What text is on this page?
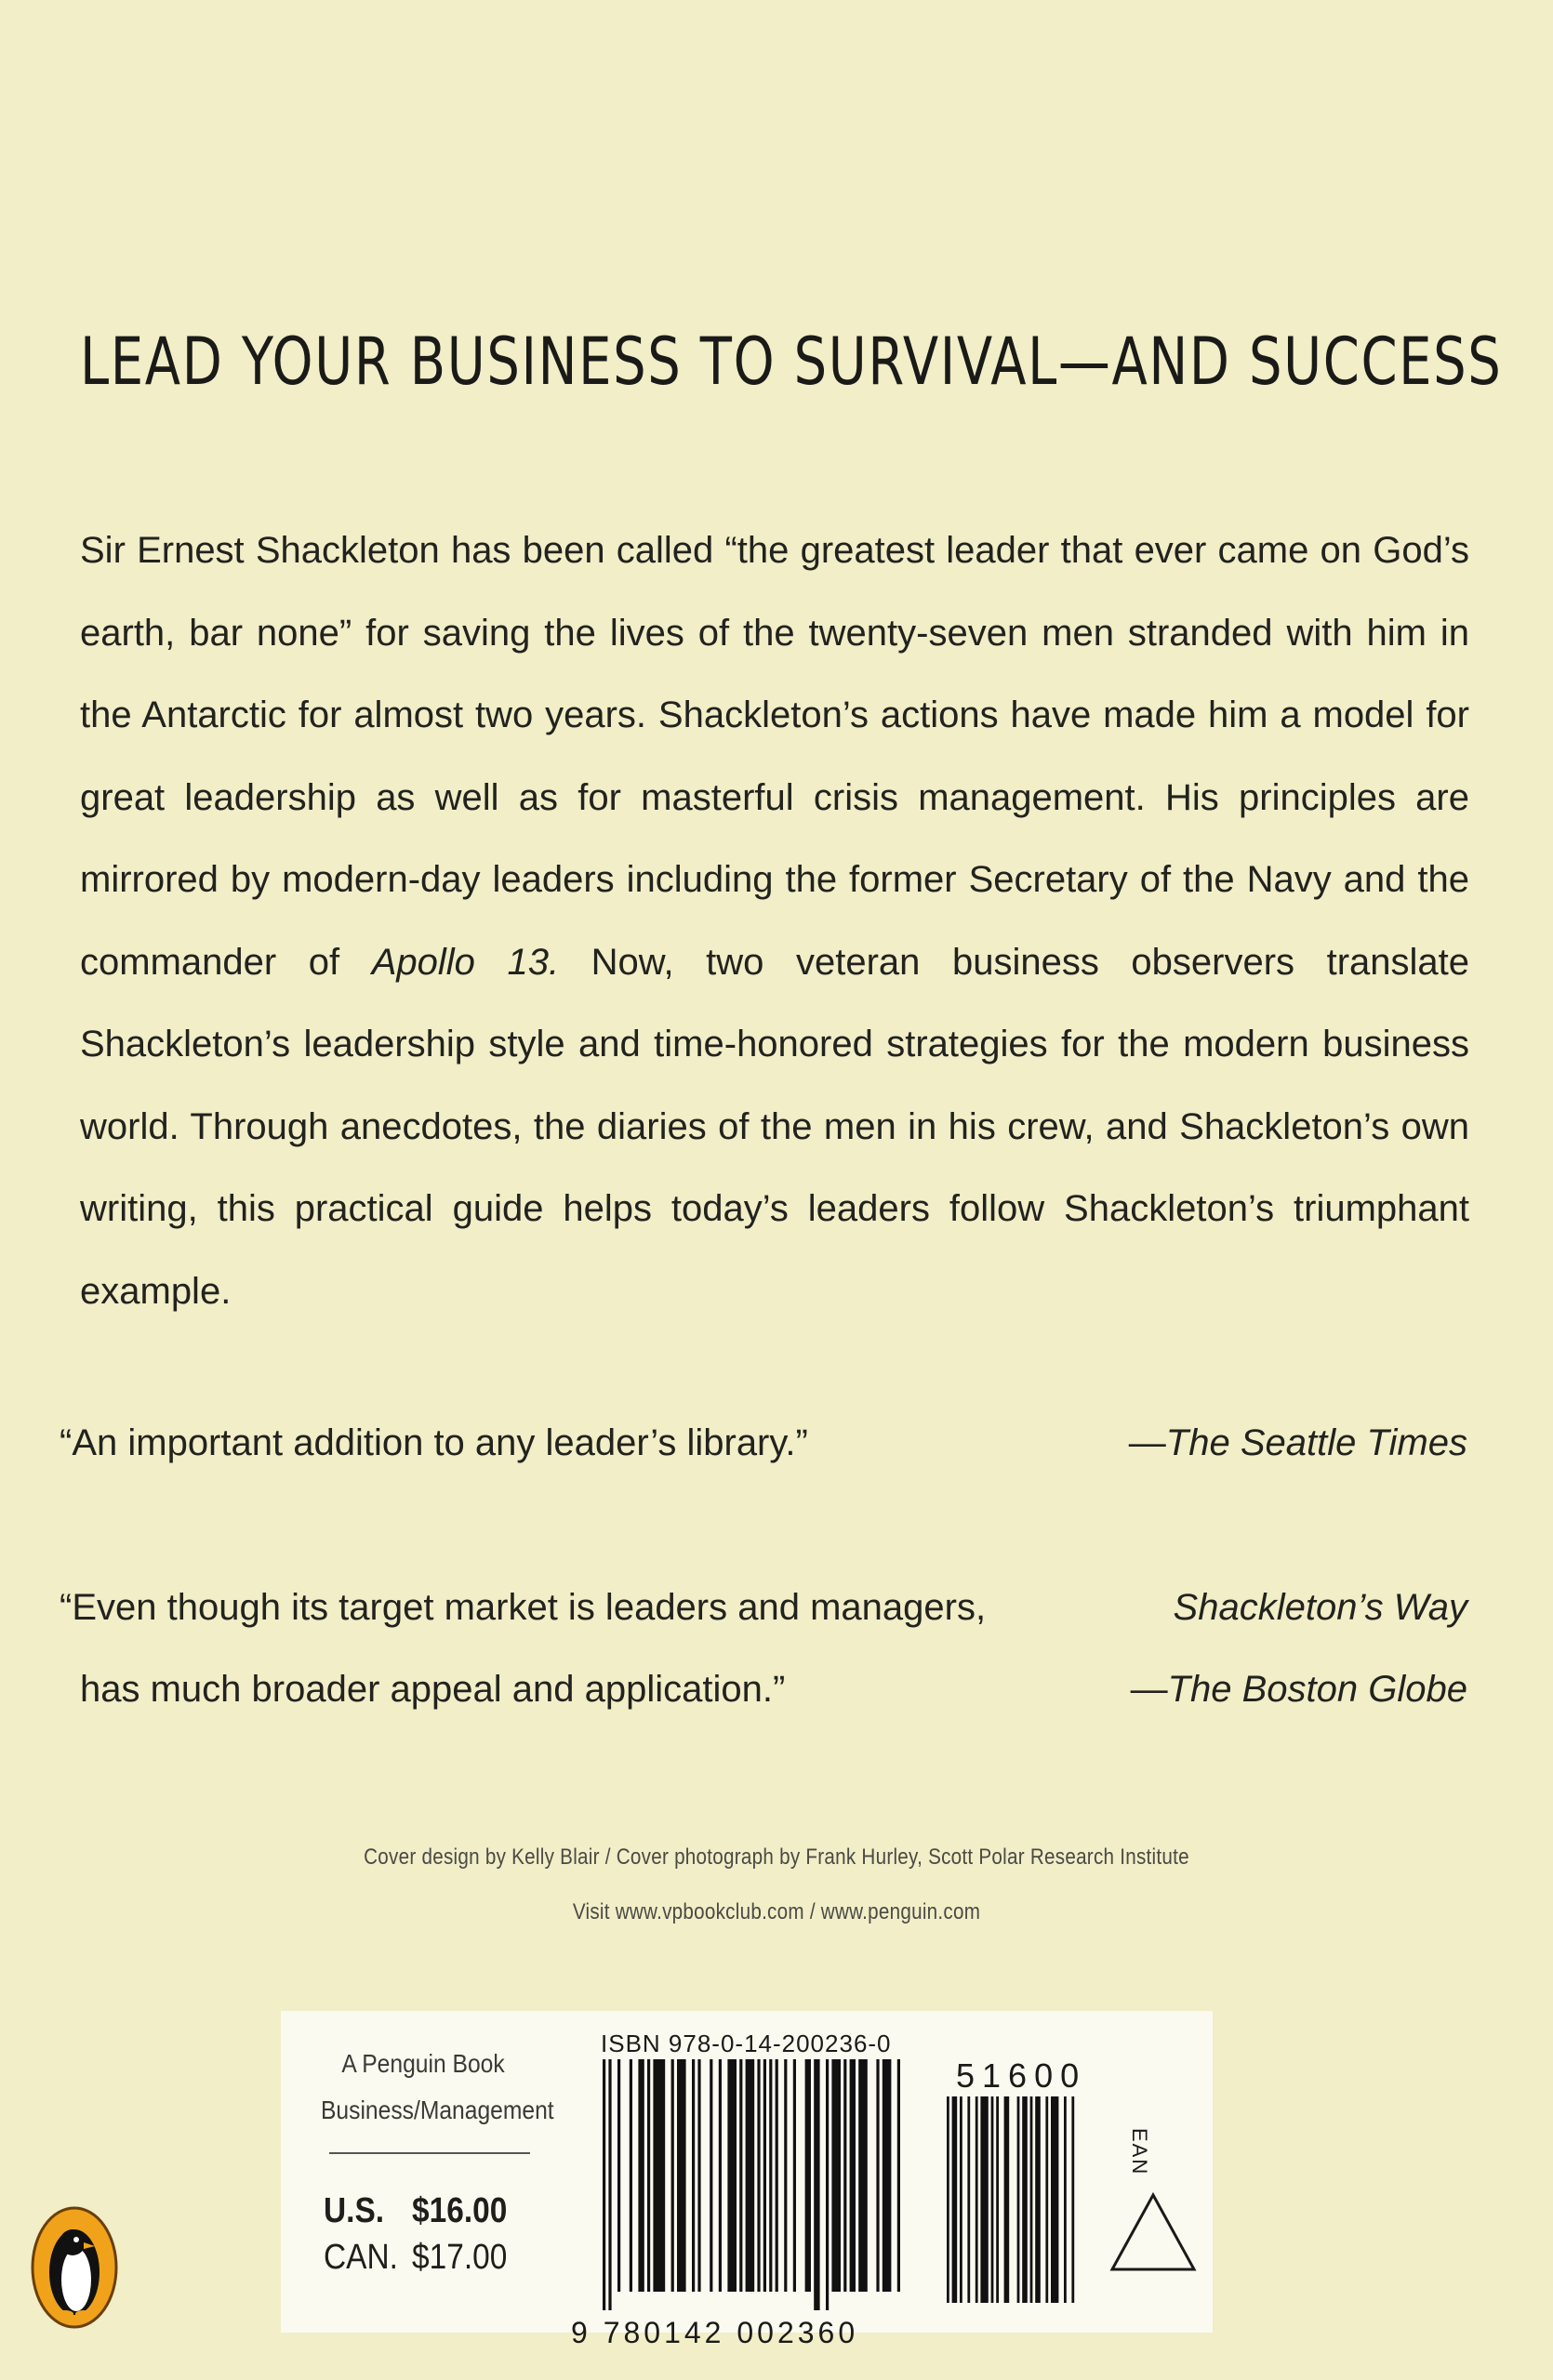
LEAD YOUR BUSINESS TO SURVIVAL—AND SUCCESS

Sir Ernest Shackleton has been called “the greatest leader that ever came on God’s earth, bar none” for saving the lives of the twenty-seven men stranded with him in the Antarctic for almost two years. Shackleton’s actions have made him a model for great leadership as well as for masterful crisis management. His principles are mirrored by modern-day leaders including the former Secretary of the Navy and the commander of Apollo 13. Now, two veteran business observers translate Shackleton’s leadership style and time-honored strategies for the modern business world. Through anecdotes, the diaries of the men in his crew, and Shackleton’s own writing, this practical guide helps today’s leaders follow Shackleton’s triumphant example.

“An important addition to any leader’s library.”	—The Seattle Times
“Even though its target market is leaders and managers,	Shackleton’s Way
has much broader appeal and application.”	—The Boston Globe
Cover design by Kelly Blair / Cover photograph by Frank Hurley, Scott Polar Research Institute
Visit www.vpbookclub.com / www.penguin.com
A Penguin Book
Business/Management
U.S. $16.00
CAN. $17.00
ISBN 978-0-14-200236-0
9 780142 002360
51600
EAN
